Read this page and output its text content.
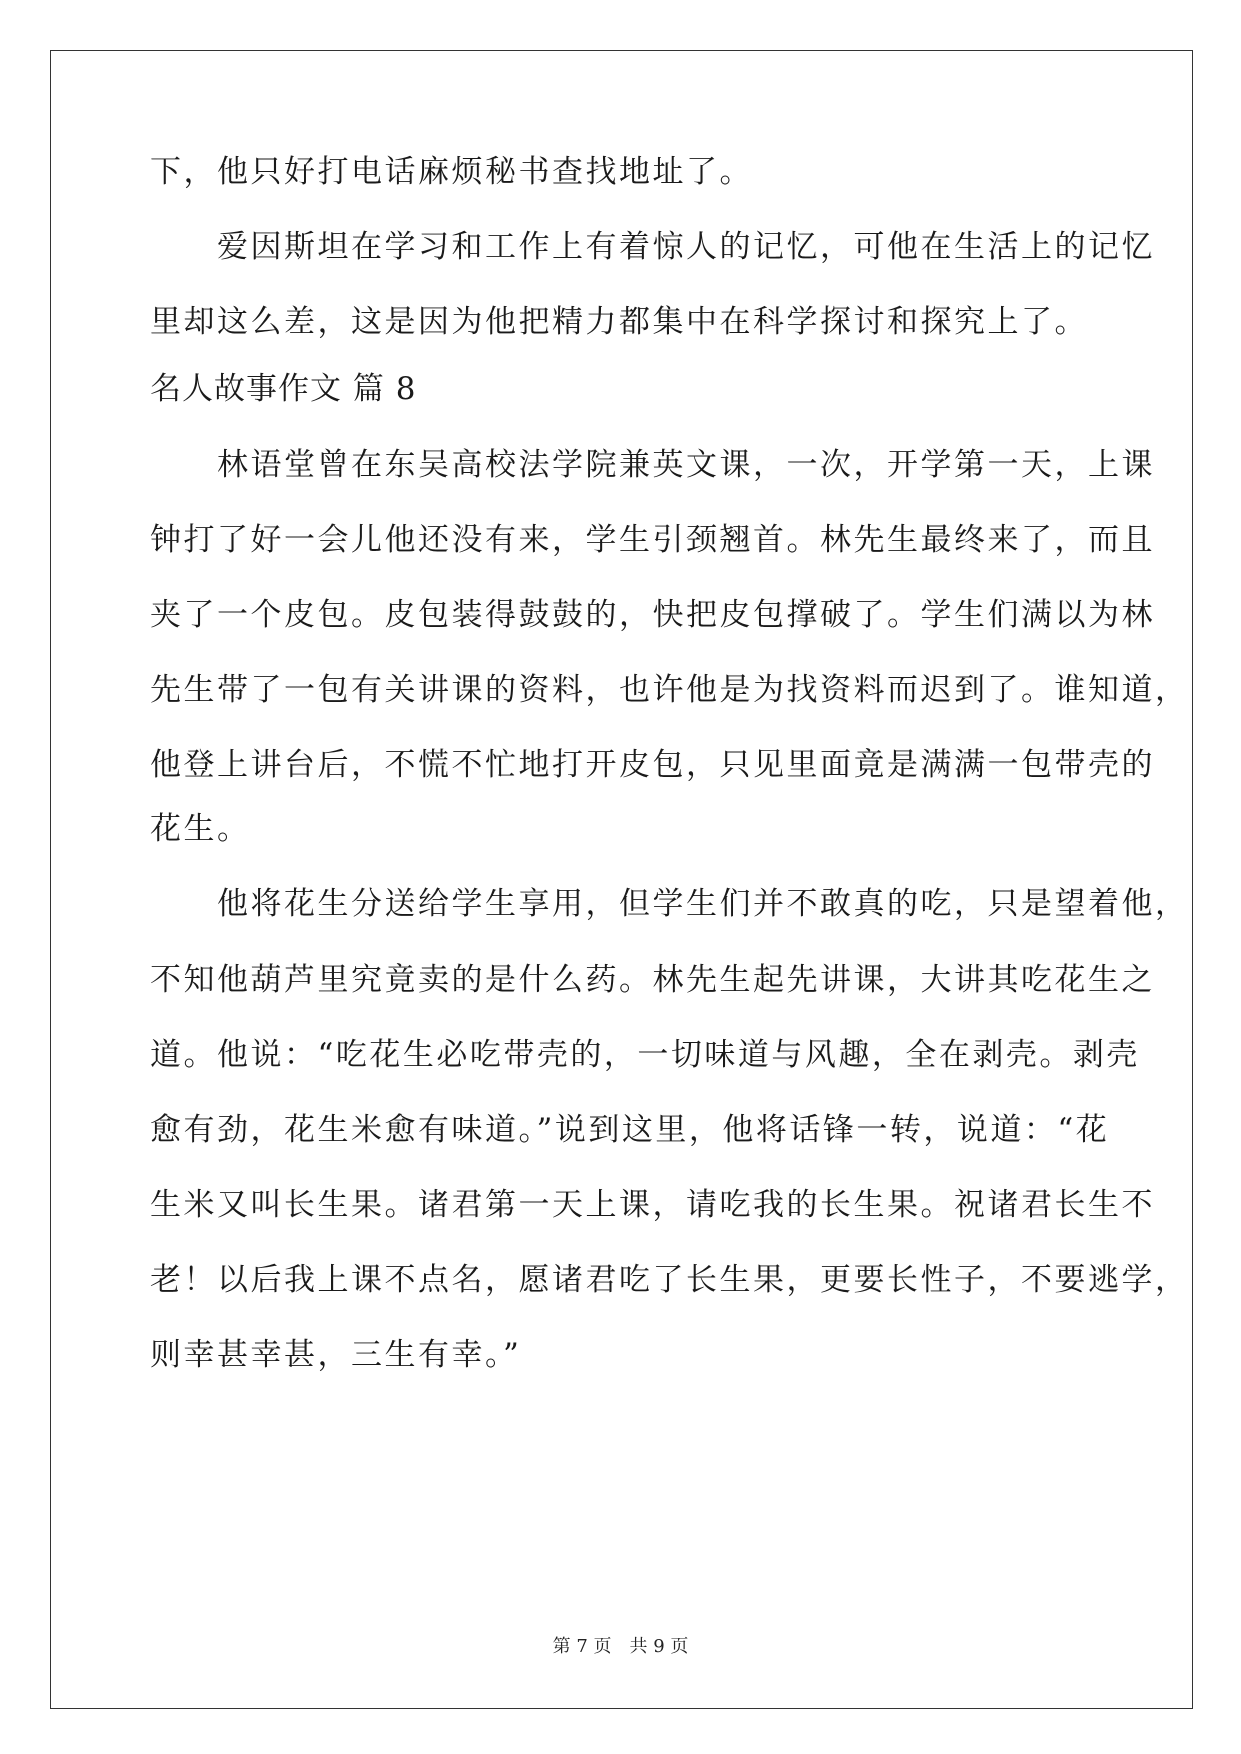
下，他只好打电话麻烦秘书查找地址了。
　　爱因斯坦在学习和工作上有着惊人的记忆，可他在生活上的记忆
里却这么差，这是因为他把精力都集中在科学探讨和探究上了。
名人故事作文 篇 8
　　林语堂曾在东吴高校法学院兼英文课，一次，开学第一天，上课
钟打了好一会儿他还没有来，学生引颈翘首。林先生最终来了，而且
夹了一个皮包。皮包装得鼓鼓的，快把皮包撑破了。学生们满以为林
先生带了一包有关讲课的资料，也许他是为找资料而迟到了。谁知道，
他登上讲台后，不慌不忙地打开皮包，只见里面竟是满满一包带壳的
花生。
　　他将花生分送给学生享用，但学生们并不敢真的吃，只是望着他，
不知他葫芦里究竟卖的是什么药。林先生起先讲课，大讲其吃花生之
道。他说：“吃花生必吃带壳的，一切味道与风趣，全在剥壳。剥壳
愈有劲，花生米愈有味道。”说到这里，他将话锋一转，说道：“花
生米又叫长生果。诸君第一天上课，请吃我的长生果。祝诸君长生不
老！以后我上课不点名，愿诸君吃了长生果，更要长性子，不要逃学，
则幸甚幸甚，三生有幸。”
第 7 页 共 9 页
